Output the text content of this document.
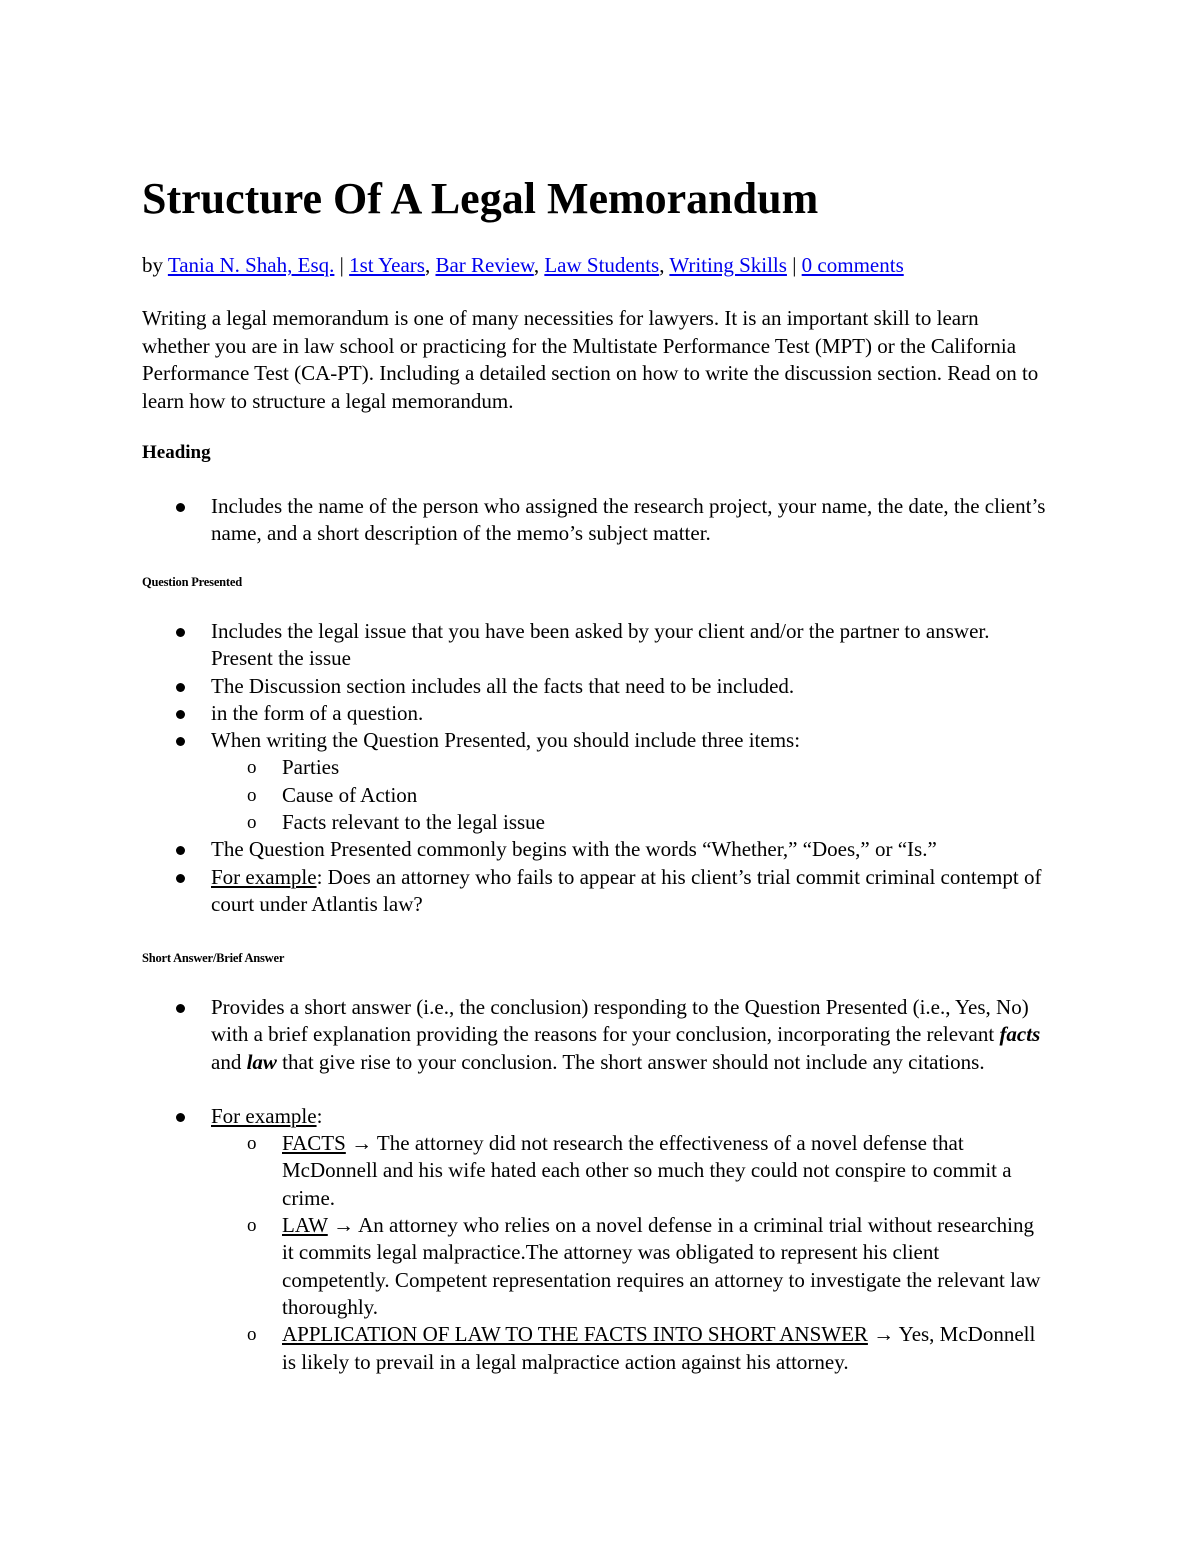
Structure Of A Legal Memorandum

by Tania N. Shah, Esq. | 1st Years, Bar Review, Law Students, Writing Skills | 0 comments

Writing a legal memorandum is one of many necessities for lawyers. It is an important skill to learn whether you are in law school or practicing for the Multistate Performance Test (MPT) or the California Performance Test (CA-PT). Including a detailed section on how to write the discussion section. Read on to learn how to structure a legal memorandum.

Heading
Includes the name of the person who assigned the research project, your name, the date, the client’s name, and a short description of the memo’s subject matter.
Question Presented
Includes the legal issue that you have been asked by your client and/or the partner to answer. Present the issue
The Discussion section includes all the facts that need to be included.
in the form of a question.
When writing the Question Presented, you should include three items:
o Parties
o Cause of Action
o Facts relevant to the legal issue
The Question Presented commonly begins with the words “Whether,” “Does,” or “Is.”
For example: Does an attorney who fails to appear at his client’s trial commit criminal contempt of court under Atlantis law?
Short Answer/Brief Answer
Provides a short answer (i.e., the conclusion) responding to the Question Presented (i.e., Yes, No) with a brief explanation providing the reasons for your conclusion, incorporating the relevant facts and law that give rise to your conclusion. The short answer should not include any citations.
For example:
o FACTS → The attorney did not research the effectiveness of a novel defense that McDonnell and his wife hated each other so much they could not conspire to commit a crime.
o LAW → An attorney who relies on a novel defense in a criminal trial without researching it commits legal malpractice.The attorney was obligated to represent his client competently. Competent representation requires an attorney to investigate the relevant law thoroughly.
o APPLICATION OF LAW TO THE FACTS INTO SHORT ANSWER → Yes, McDonnell is likely to prevail in a legal malpractice action against his attorney.
